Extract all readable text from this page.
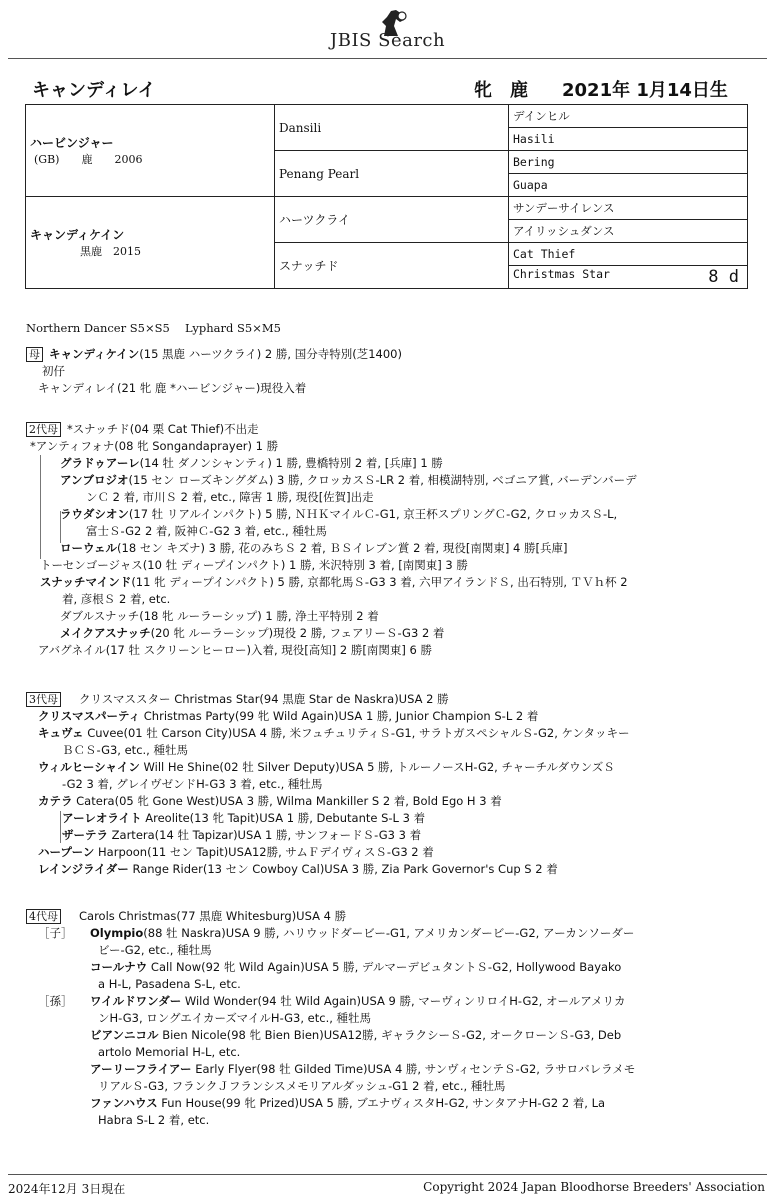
JBIS Search
キャンディレイ	牝 鹿 2021年 1月14日生
ハービンジャー
(GB)　　鹿　　2006	Dansili	デインヒル
		Hasili
	Penang Pearl	Bering
		Guapa

キャンディケイン
黒鹿　2015	ハーツクライ	サンデーサイレンス
		アイリッシュダンス
	スナッチド	Cat Thief
		Christmas Star 8 d
Northern Dancer S5×S5　 Lyphard S5×M5
母 キャンディケイン(15 黒鹿 ハーツクライ) 2 勝, 国分寺特別(芝1400)
初仔
キャンディレイ(21 牝 鹿 *ハービンジャー)現役入着
2代母 *スナッチド(04 栗 Cat Thief)不出走
*アンティフォナ(08 牝 Songandaprayer) 1 勝
グラドゥアーレ(14 牡 ダノンシャンティ) 1 勝, 豊橋特別 2 着, [兵庫] 1 勝
アンブロジオ(15 セン ローズキングダム) 3 勝, クロッカスＳ-LR 2 着, 相模湖特別, ベゴニア賞, バーデンバーデ
ンＣ 2 着, 市川Ｓ 2 着, etc., 障害 1 勝, 現役[佐賀]出走
ラウダシオン(17 牡 リアルインパクト) 5 勝, ＮＨＫマイルＣ-G1, 京王杯スプリングＣ-G2, クロッカスＳ-L,
富士Ｓ-G2 2 着, 阪神Ｃ-G2 3 着, etc., 種牡馬
ローウェル(18 セン キズナ) 3 勝, 花のみちＳ 2 着, ＢＳイレブン賞 2 着, 現役[南関東] 4 勝[兵庫]
トーセンゴージャス(10 牡 ディープインパクト) 1 勝, 米沢特別 3 着, [南関東] 3 勝
スナッチマインド(11 牝 ディープインパクト) 5 勝, 京都牝馬Ｓ-G3 3 着, 六甲アイランドＳ, 出石特別, ＴＶｈ杯 2
着, 彦根Ｓ 2 着, etc.
ダブルスナッチ(18 牝 ルーラーシップ) 1 勝, 浄土平特別 2 着
メイクアスナッチ(20 牝 ルーラーシップ)現役 2 勝, フェアリーＳ-G3 2 着
アバグネイル(17 牡 スクリーンヒーロー)入着, 現役[高知] 2 勝[南関東] 6 勝
3代母 クリスマススター Christmas Star(94 黒鹿 Star de Naskra)USA 2 勝
クリスマスパーティ Christmas Party(99 牝 Wild Again)USA 1 勝, Junior Champion S-L 2 着
キュヴェ Cuvee(01 牡 Carson City)USA 4 勝, 米フュチュリティＳ-G1, サラトガスペシャルＳ-G2, ケンタッキー
ＢＣＳ-G3, etc., 種牡馬
ウィルヒーシャイン Will He Shine(02 牡 Silver Deputy)USA 5 勝, トルーノースH-G2, チャーチルダウンズＳ
-G2 3 着, グレイヴゼンドH-G3 3 着, etc., 種牡馬
カテラ Catera(05 牝 Gone West)USA 3 勝, Wilma Mankiller S 2 着, Bold Ego H 3 着
アーレオライト Areolite(13 牝 Tapit)USA 1 勝, Debutante S-L 3 着
ザーテラ Zartera(14 牡 Tapizar)USA 1 勝, サンフォードＳ-G3 3 着
ハープーン Harpoon(11 セン Tapit)USA12勝, サムＦデイヴィスＳ-G3 2 着
レインジライダー Range Rider(13 セン Cowboy Cal)USA 3 勝, Zia Park Governor's Cup S 2 着
4代母 Carols Christmas(77 黒鹿 Whitesburg)USA 4 勝
［子］ Olympio(88 牡 Naskra)USA 9 勝, ハリウッドダービー-G1, アメリカンダービー-G2, アーカンソーダー
ビー-G2, etc., 種牡馬
コールナウ Call Now(92 牝 Wild Again)USA 5 勝, デルマーデビュタントＳ-G2, Hollywood Bayako
a H-L, Pasadena S-L, etc.
［孫］ ワイルドワンダー Wild Wonder(94 牡 Wild Again)USA 9 勝, マーヴィンリロイH-G2, オールアメリカ
ンH-G3, ロングエイカーズマイルH-G3, etc., 種牡馬
ビアンニコル Bien Nicole(98 牝 Bien Bien)USA12勝, ギャラクシーＳ-G2, オークローンＳ-G3, Deb
artolo Memorial H-L, etc.
アーリーフライアー Early Flyer(98 牡 Gilded Time)USA 4 勝, サンヴィセンテＳ-G2, ラサロバレラメモ
リアルＳ-G3, フランクＪフランシスメモリアルダッシュ-G1 2 着, etc., 種牡馬
ファンハウス Fun House(99 牝 Prized)USA 5 勝, ブエナヴィスタH-G2, サンタアナH-G2 2 着, La
Habra S-L 2 着, etc.
2024年12月 3日現在	Copyright 2024 Japan Bloodhorse Breeders' Association
